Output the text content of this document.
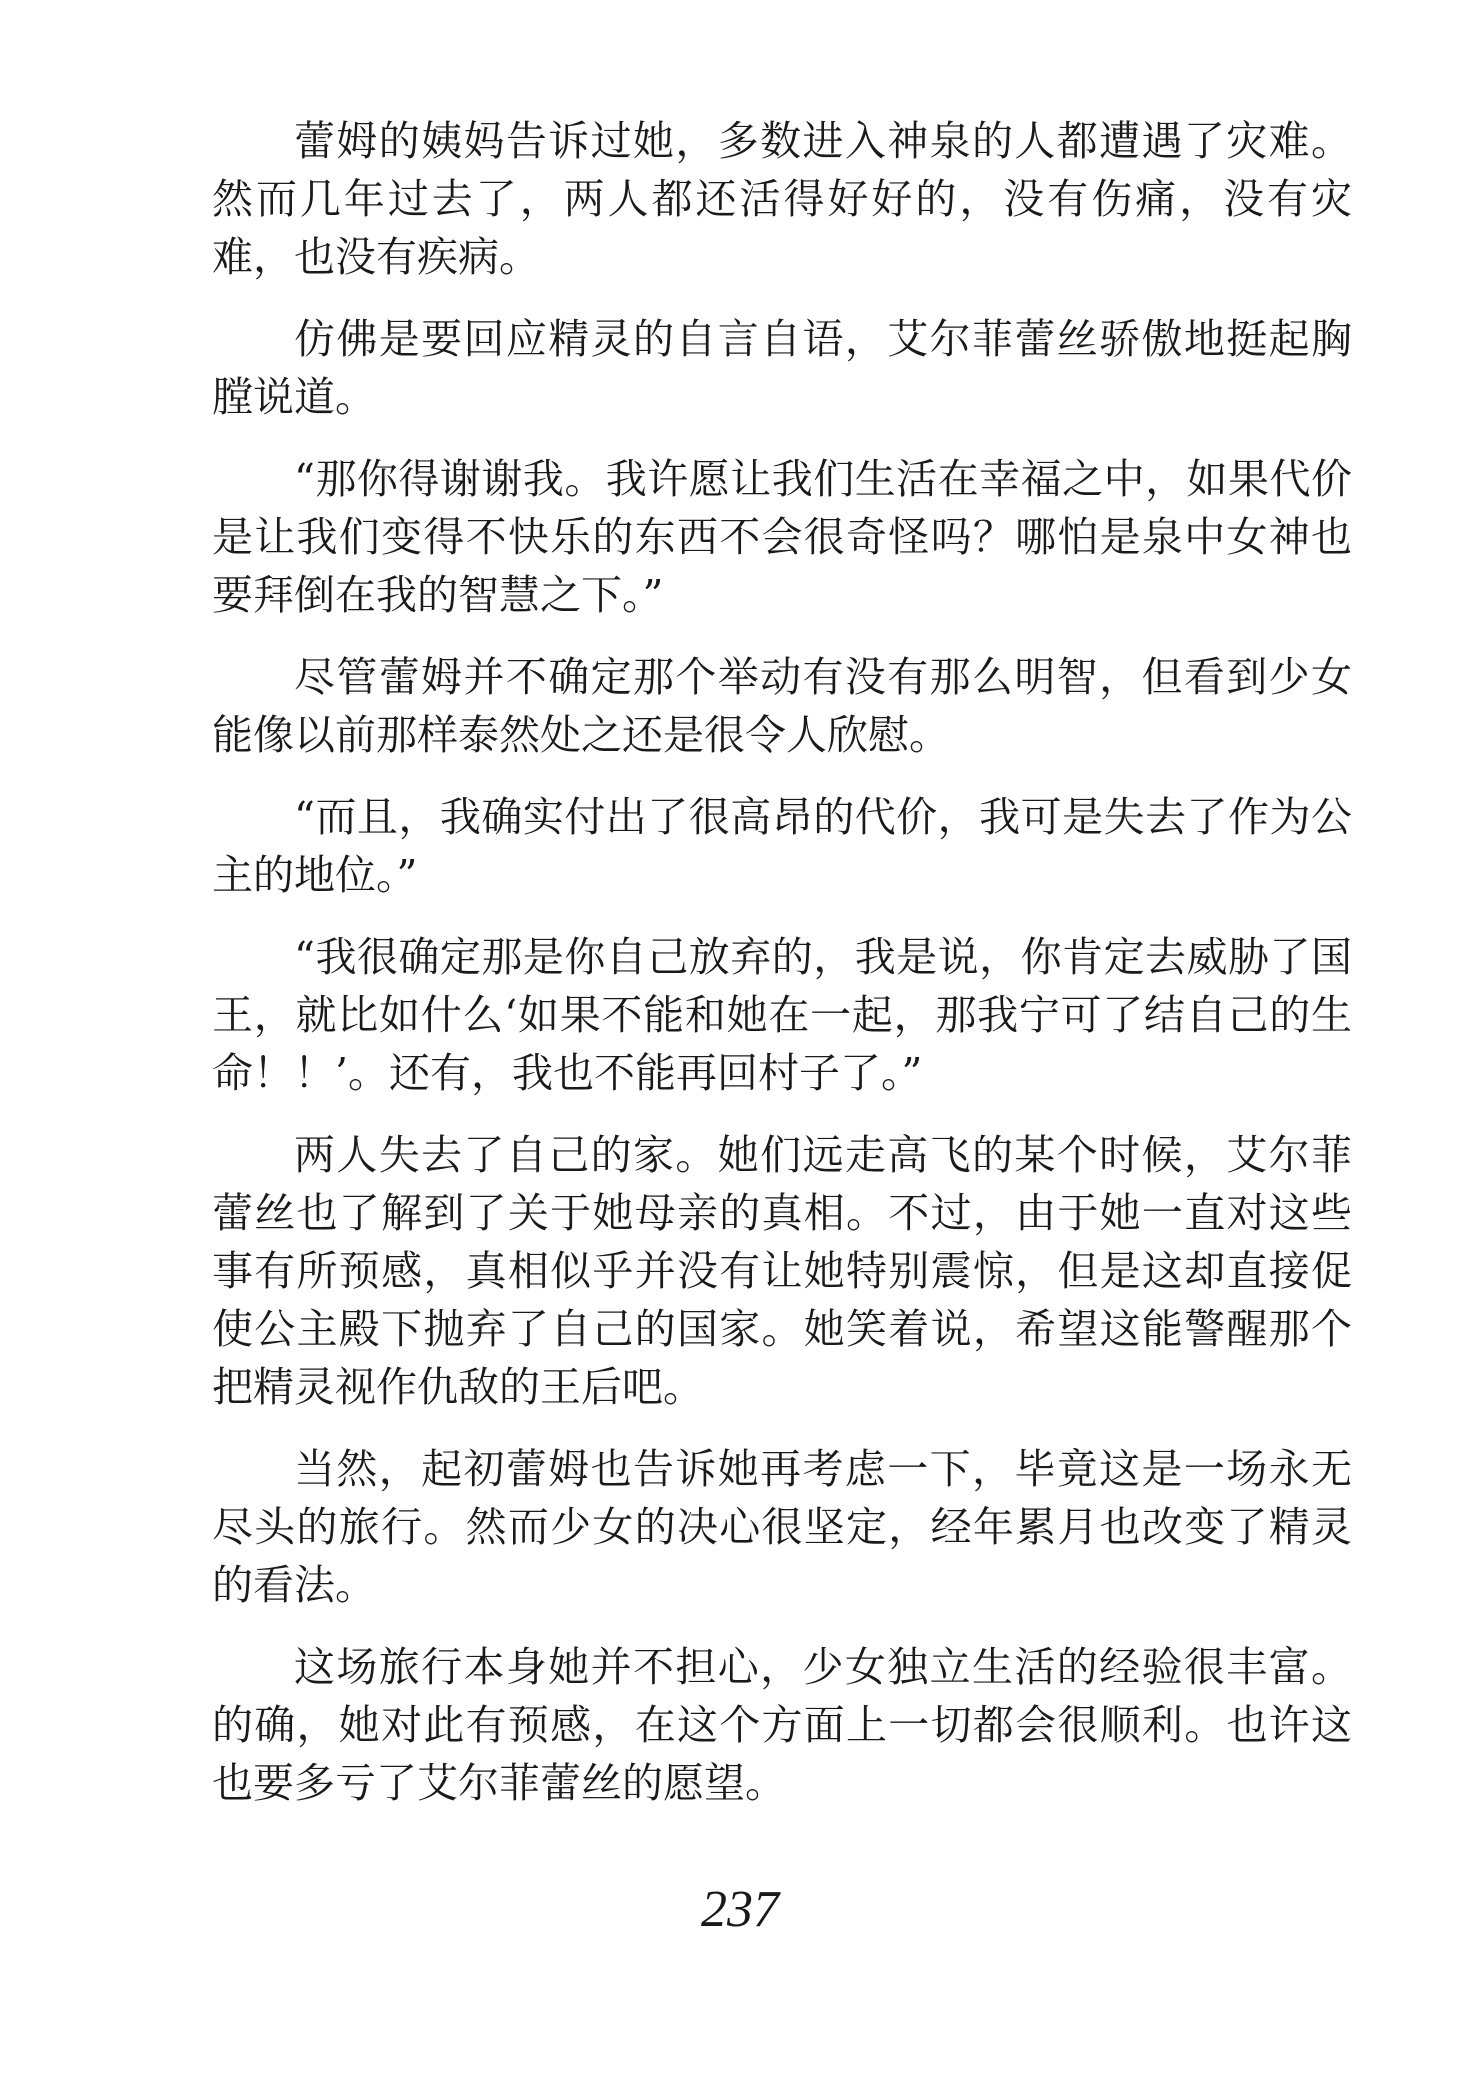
蕾姆的姨妈告诉过她，多数进入神泉的人都遭遇了灾难。然而几年过去了，两人都还活得好好的，没有伤痛，没有灾难，也没有疾病。

仿佛是要回应精灵的自言自语，艾尔菲蕾丝骄傲地挺起胸膛说道。

“那你得谢谢我。我许愿让我们生活在幸福之中，如果代价是让我们变得不快乐的东西不会很奇怪吗？哪怕是泉中女神也要拜倒在我的智慧之下。”

尽管蕾姆并不确定那个举动有没有那么明智，但看到少女能像以前那样泰然处之还是很令人欣慰。

“而且，我确实付出了很高昂的代价，我可是失去了作为公主的地位。”

“我很确定那是你自己放弃的，我是说，你肯定去威胁了国王，就比如什么‘如果不能和她在一起，那我宁可了结自己的生命！！’。还有，我也不能再回村子了。”

两人失去了自己的家。她们远走高飞的某个时候，艾尔菲蕾丝也了解到了关于她母亲的真相。不过，由于她一直对这些事有所预感，真相似乎并没有让她特别震惊，但是这却直接促使公主殿下抛弃了自己的国家。她笑着说，希望这能警醒那个把精灵视作仇敌的王后吧。

当然，起初蕾姆也告诉她再考虑一下，毕竟这是一场永无尽头的旅行。然而少女的决心很坚定，经年累月也改变了精灵的看法。

这场旅行本身她并不担心，少女独立生活的经验很丰富。的确，她对此有预感，在这个方面上一切都会很顺利。也许这也要多亏了艾尔菲蕾丝的愿望。

237
